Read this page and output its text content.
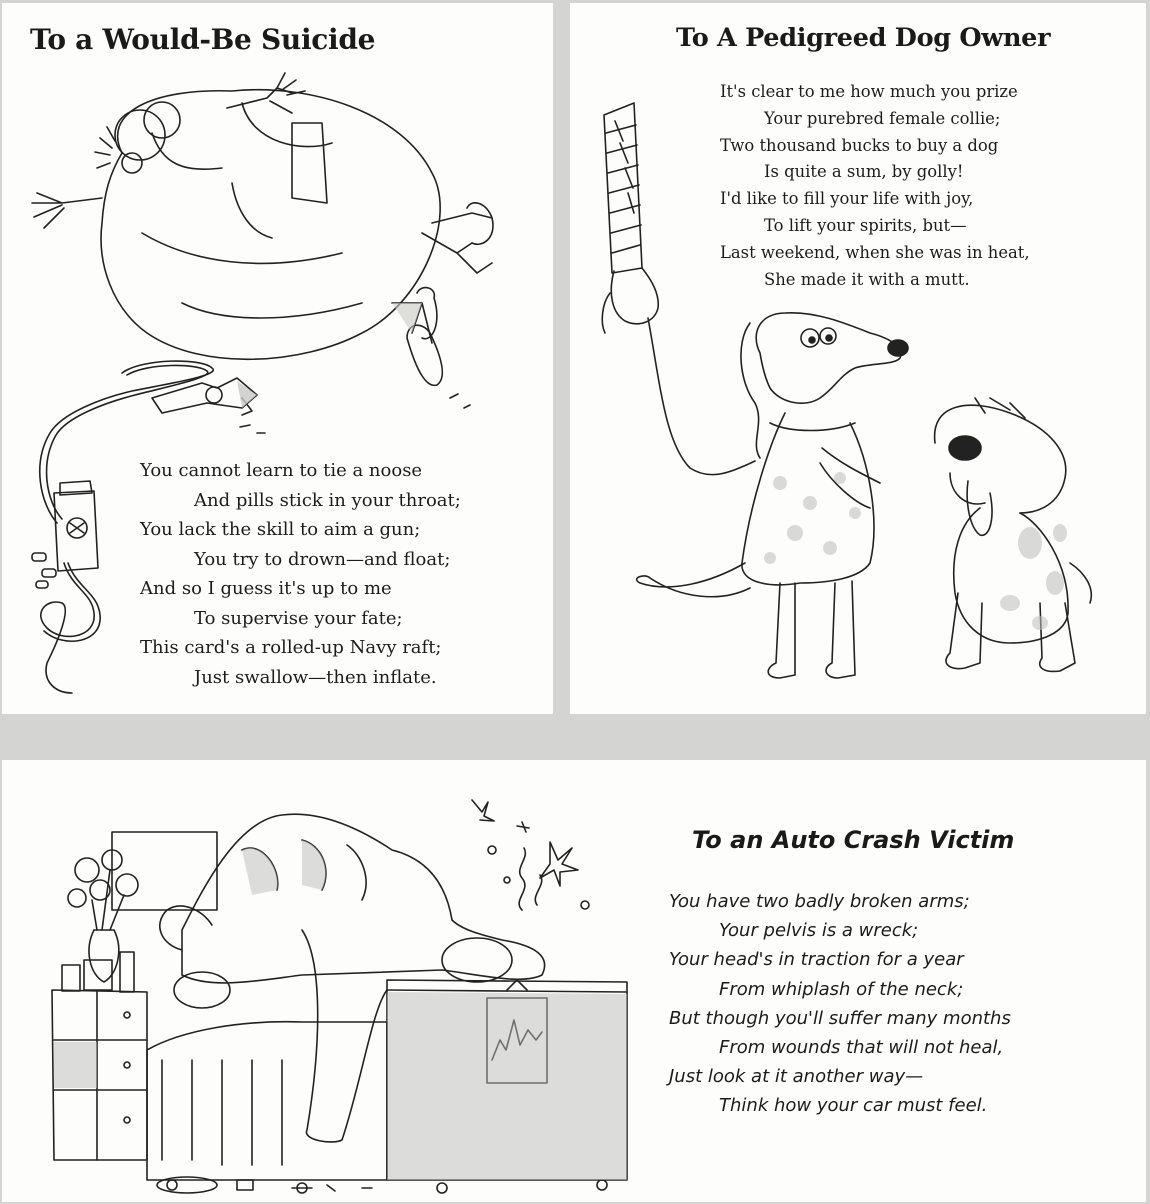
To a Would-Be Suicide
You cannot learn to tie a noose
And pills stick in your throat;
You lack the skill to aim a gun;
You try to drown—and float;
And so I guess it's up to me
To supervise your fate;
This card's a rolled-up Navy raft;
Just swallow—then inflate.
To A Pedigreed Dog Owner
It's clear to me how much you prize
Your purebred female collie;
Two thousand bucks to buy a dog
Is quite a sum, by golly!
I'd like to fill your life with joy,
To lift your spirits, but—
Last weekend, when she was in heat,
She made it with a mutt.
To an Auto Crash Victim
You have two badly broken arms;
Your pelvis is a wreck;
Your head's in traction for a year
From whiplash of the neck;
But though you'll suffer many months
From wounds that will not heal,
Just look at it another way—
Think how your car must feel.
